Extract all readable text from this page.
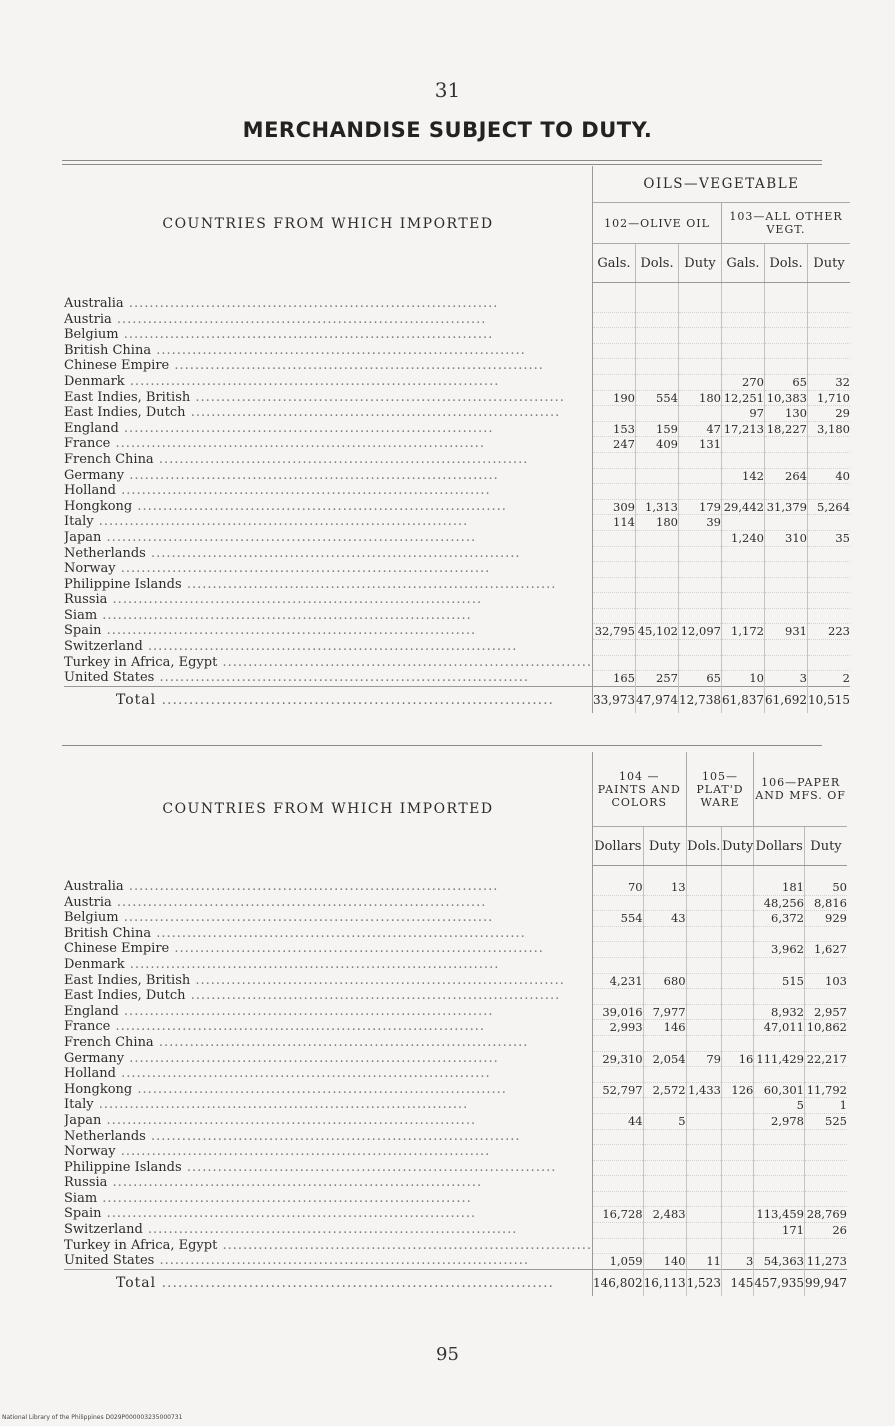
31
MERCHANDISE SUBJECT TO DUTY.
COUNTRIES FROM WHICH IMPORTED	OILS—VEGETABLE					
	102—OLIVE OIL			103—ALL OTHER VEGT.		
	Gals.	Dols.	Duty	Gals.	Dols.	Duty

Australia .....						
Austria .....						
Belgium .....						
British China .....						
Chinese Empire .....						
Denmark .....				270	65	32
East Indies, British .....	190	554	180	12,251	10,383	1,710
East Indies, Dutch .....				97	130	29
England .....	153	159	47	17,213	18,227	3,180
France .....	247	409	131			
French China .....						
Germany .....				142	264	40
Holland .....						
Hongkong .....	309	1,313	179	29,442	31,379	5,264
Italy .....	114	180	39			
Japan .....				1,240	310	35
Netherlands .....						
Norway .....						
Philippine Islands .....						
Russia .....						
Siam .....						
Spain .....	32,795	45,102	12,097	1,172	931	223
Switzerland .....						
Turkey in Africa, Egypt .....						
United States .....	165	257	65	10	3	2
Total .....	33,973	47,974	12,738	61,837	61,692	10,515
COUNTRIES FROM WHICH IMPORTED	104 — PAINTS AND COLORS		105—PLAT'D WARE		106—PAPER AND MFS. OF	
	Dollars	Duty	Dols.	Duty	Dollars	Duty

Australia .....	70	13			181	50
Austria .....					48,256	8,816
Belgium .....	554	43			6,372	929
British China .....						
Chinese Empire .....					3,962	1,627
Denmark .....						
East Indies, British .....	4,231	680			515	103
East Indies, Dutch .....						
England .....	39,016	7,977			8,932	2,957
France .....	2,993	146			47,011	10,862
French China .....						
Germany .....	29,310	2,054	79	16	111,429	22,217
Holland .....						
Hongkong .....	52,797	2,572	1,433	126	60,301	11,792
Italy .....					5	1
Japan .....	44	5			2,978	525
Netherlands .....						
Norway .....						
Philippine Islands .....						
Russia .....						
Siam .....						
Spain .....	16,728	2,483			113,459	28,769
Switzerland .....					171	26
Turkey in Africa, Egypt .....						
United States .....	1,059	140	11	3	54,363	11,273
Total .....	146,802	16,113	1,523	145	457,935	99,947
95
National Library of the Philippines D029P000003235000731
